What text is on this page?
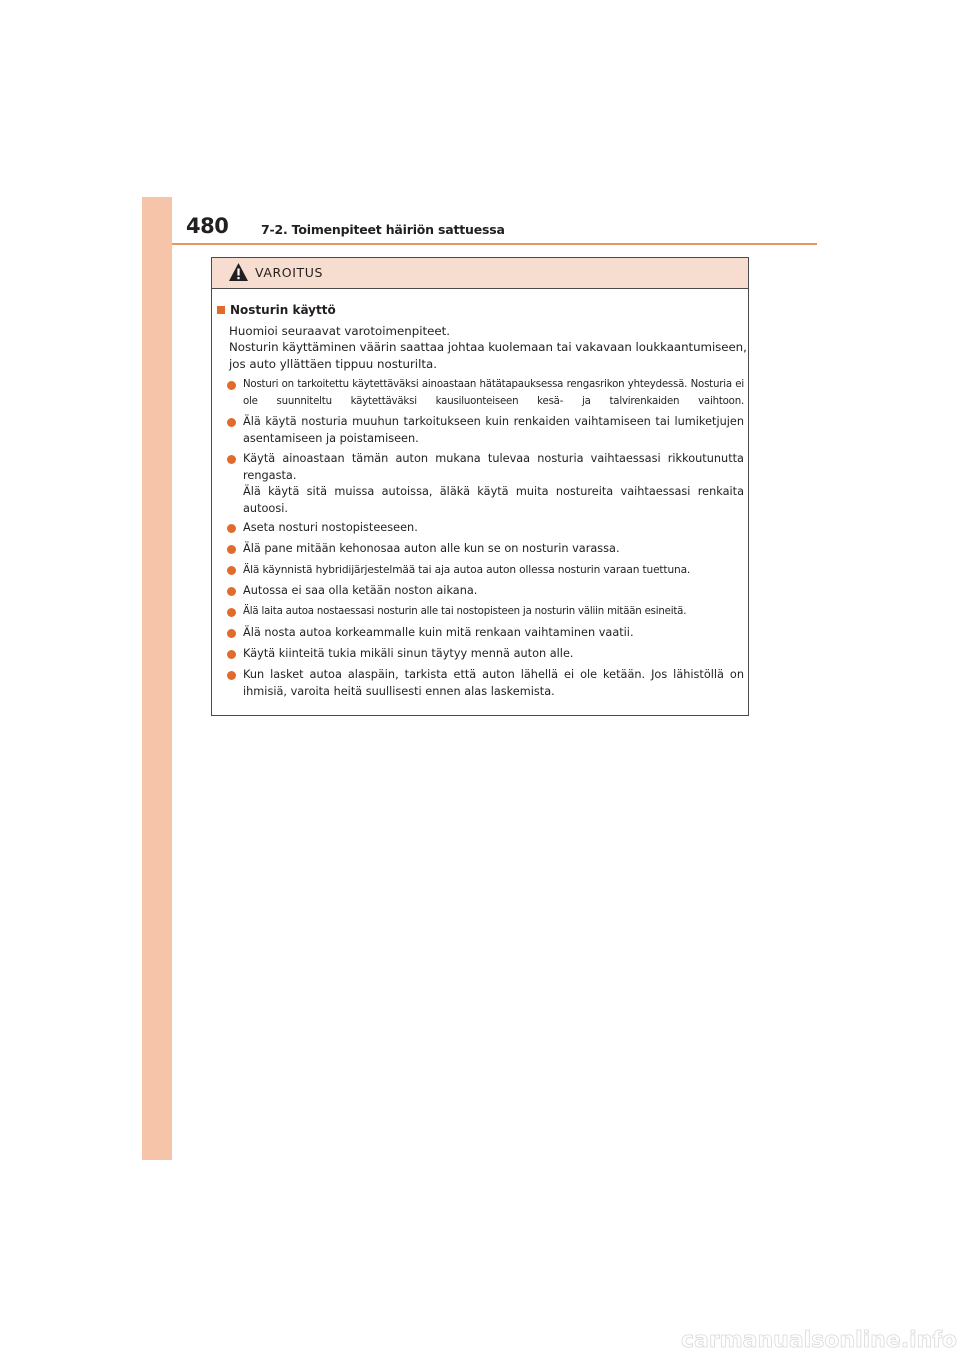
480	7-2. Toimenpiteet häiriön sattuessa
VAROITUS
Nosturin käyttö
Huomioi seuraavat varotoimenpiteet.
Nosturin käyttäminen väärin saattaa johtaa kuolemaan tai vakavaan loukkaantumiseen,
jos auto yllättäen tippuu nosturilta.
Nosturi on tarkoitettu käytettäväksi ainoastaan hätätapauksessa rengasrikon yhteydessä. Nosturia ei ole suunniteltu käytettäväksi kausiluonteiseen kesä- ja talvirenkaiden vaihtoon.
Älä käytä nosturia muuhun tarkoitukseen kuin renkaiden vaihtamiseen tai lumiketjujen asentamiseen ja poistamiseen.
Käytä ainoastaan tämän auton mukana tulevaa nosturia vaihtaessasi rikkoutunutta rengasta.
Älä käytä sitä muissa autoissa, äläkä käytä muita nostureita vaihtaessasi renkaita autoosi.
Aseta nosturi nostopisteeseen.
Älä pane mitään kehonosaa auton alle kun se on nosturin varassa.
Älä käynnistä hybridijärjestelmää tai aja autoa auton ollessa nosturin varaan tuettuna.
Autossa ei saa olla ketään noston aikana.
Älä laita autoa nostaessasi nosturin alle tai nostopisteen ja nosturin väliin mitään esineitä.
Älä nosta autoa korkeammalle kuin mitä renkaan vaihtaminen vaatii.
Käytä kiinteitä tukia mikäli sinun täytyy mennä auton alle.
Kun lasket autoa alaspäin, tarkista että auton lähellä ei ole ketään. Jos lähistöllä on ihmisiä, varoita heitä suullisesti ennen alas laskemista.
carmanualsonline.info
